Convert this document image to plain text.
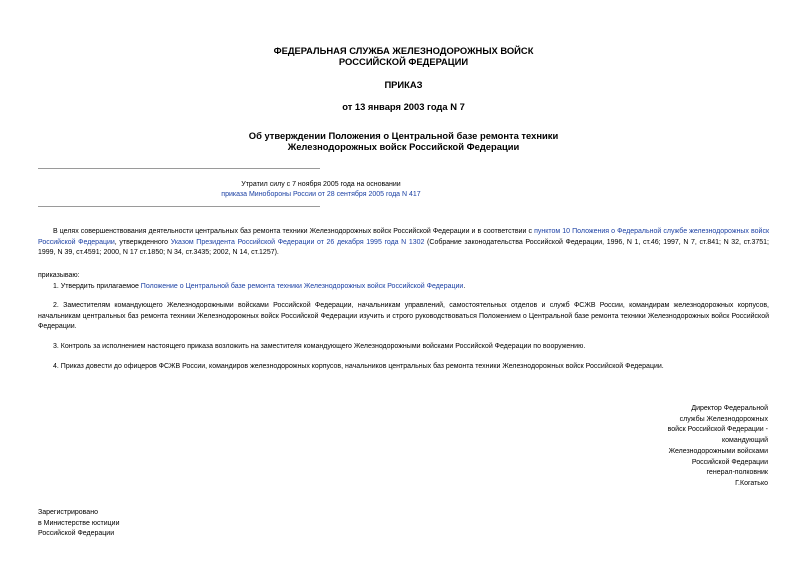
ФЕДЕРАЛЬНАЯ СЛУЖБА ЖЕЛЕЗНОДОРОЖНЫХ ВОЙСК
РОССИЙСКОЙ ФЕДЕРАЦИИ
ПРИКАЗ
от 13 января 2003 года N 7
Об утверждении Положения о Центральной базе ремонта техники
Железнодорожных войск Российской Федерации
Утратил силу с 7 ноября 2005 года на основании
приказа Минобороны России от 28 сентября 2005 года N 417
В целях совершенствования деятельности центральных баз ремонта техники Железнодорожных войск Российской Федерации и в соответствии с пунктом 10 Положения о Федеральной службе железнодорожных войск Российской Федерации, утвержденного Указом Президента Российской Федерации от 26 декабря 1995 года N 1302 (Собрание законодательства Российской Федерации, 1996, N 1, ст.46; 1997, N 7, ст.841; N 32, ст.3751; 1999, N 39, ст.4591; 2000, N 17 ст.1850; N 34, ст.3435; 2002, N 14, ст.1257).
приказываю:
1. Утвердить прилагаемое Положение о Центральной базе ремонта техники Железнодорожных войск Российской Федерации.
2. Заместителям командующего Железнодорожными войсками Российской Федерации, начальникам управлений, самостоятельных отделов и служб ФСЖВ России, командирам железнодорожных корпусов, начальникам центральных баз ремонта техники Железнодорожных войск Российской Федерации изучить и строго руководствоваться Положением о Центральной базе ремонта техники Железнодорожных войск Российской Федерации.
3. Контроль за исполнением настоящего приказа возложить на заместителя командующего Железнодорожными войсками Российской Федерации по вооружению.
4. Приказ довести до офицеров ФСЖВ России, командиров железнодорожных корпусов, начальников центральных баз ремонта техники Железнодорожных войск Российской Федерации.
Директор Федеральной
службы Железнодорожных
войск Российской Федерации -
командующий
Железнодорожными войсками
Российской Федерации
генерал-полковник
Г.Когатько
Зарегистрировано
в Министерстве юстиции
Российской Федерации
